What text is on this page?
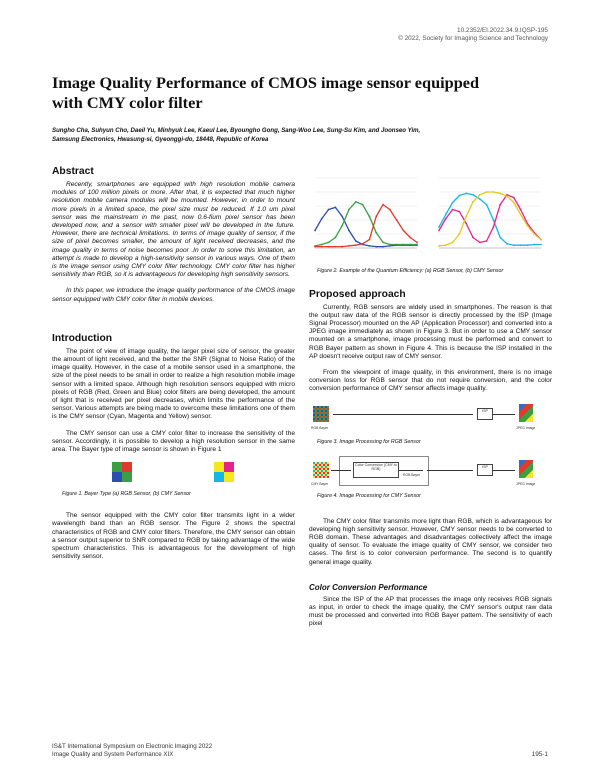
10.2352/EI.2022.34.9.IQSP-195
© 2022, Society for Imaging Science and Technology
Image Quality Performance of CMOS image sensor equipped
with CMY color filter
Sungho Cha, Suhyun Cho, Daeil Yu, Minhyuk Lee, Kaeul Lee, Byoungho Gong, Sang-Woo Lee, Sung-Su Kim, and Joonseo Yim,
Samsung Electronics, Hwasung-si, Gyeonggi-do, 18448, Republic of Korea
Abstract

Recently, smartphones are equipped with high resolution mobile camera modules of 100 million pixels or more. After that, it is expected that much higher resolution mobile camera modules will be mounted. However, in order to mount more pixels in a limited space, the pixel size must be reduced. If 1.0 um pixel sensor was the mainstream in the past, now 0.6-fium pixel sensor has been developed now, and a sensor with smaller pixel will be developed in the future. However, there are technical limitations. In terms of image quality of sensor, if the size of pixel becomes smaller, the amount of light received decreases, and the image quality in terms of noise becomes poor .In order to solve this limitation, an attempt is made to develop a high-sensitivity sensor in various ways. One of them is the image sensor using CMY color filter technology. CMY color filter has higher sensitivity than RGB, so it is advantageous for developing high sensitivity sensors.

In this paper, we introduce the image quality performance of the CMOS image sensor equipped with CMY color filter in mobile devices.

Introduction

The point of view of image quality, the larger pixel size of sensor, the greater the amount of light received, and the better the SNR (Signal to Noise Ratio) of the image quality. However, in the case of a mobile sensor used in a smartphone, the size of the pixel needs to be small in order to realize a high resolution mobile image sensor with a limited space. Although high resolution sensors equipped with micro pixels of RGB (Red, Green and Blue) color filters are being developed, the amount of light that is received per pixel decreases, which limits the performance of the sensor. Various attempts are being made to overcome these limitations one of them is the CMY sensor (Cyan, Magenta and Yellow) sensor.

The CMY sensor can use a CMY color filter to increase the sensitivity of the sensor. Accordingly, it is possible to develop a high resolution sensor in the same area. The Bayer type of image sensor is shown in Figure 1

Figure 1. Bayer Type (a) RGB Sensor, (b) CMY Sensor

The sensor equipped with the CMY color filter transmits light in a wider wavelength band than an RGB sensor. The Figure 2 shows the spectral characteristics of RGB and CMY color filters. Therefore, the CMY sensor can obtain a sensor output superior to SNR compared to RGB by taking advantage of the wide spectrum characteristics. This is advantageous for the development of high sensitivity sensor.

Figure 2. Example of the Quantum Efficiency: (a) RGB Sensor, (b) CMY Sensor
Proposed approach

Currently, RGB sensors are widely used in smartphones. The reason is that the output raw data of the RGB sensor is directly processed by the ISP (Image Signal Processor) mounted on the AP (Application Processor) and converted into a JPEG image immediately as shown in Figure 3. But in order to use a CMY sensor mounted on a smartphone, image processing must be performed and convert to RGB Bayer pattern as shown in Figure 4. This is because the ISP installed in the AP doesn't receive output raw of CMY sensor.

From the viewpoint of image quality, in this environment, there is no image conversion loss for RGB sensor that do not require conversion, and the color conversion performance of CMY sensor affects image quality.

RGB Bayer
ISP
JPEG Image
Figure 3. Image Processing for RGB Sensor
CMY Bayer
Color Conversion (CMY to RGB)
RGB Bayer
ISP
JPEG Image
Figure 4. Image Processing for CMY Sensor

The CMY color filter transmits more light than RGB, which is advantageous for developing high sensitivity sensor. However, CMY sensor needs to be converted to RGB domain. These advantages and disadvantages collectively affect the image quality of sensor. To evaluate the image quality of CMY sensor, we consider two cases. The first is to color conversion performance. The second is to quantify general image quality.

Color Conversion Performance

Since the ISP of the AP that processes the image only receives RGB signals as input, in order to check the image quality, the CMY sensor's output raw data must be processed and converted into RGB Bayer pattern. The sensitivity of each pixel

IS&T International Symposium on Electronic Imaging 2022
Image Quality and System Performance XIX	195-1
